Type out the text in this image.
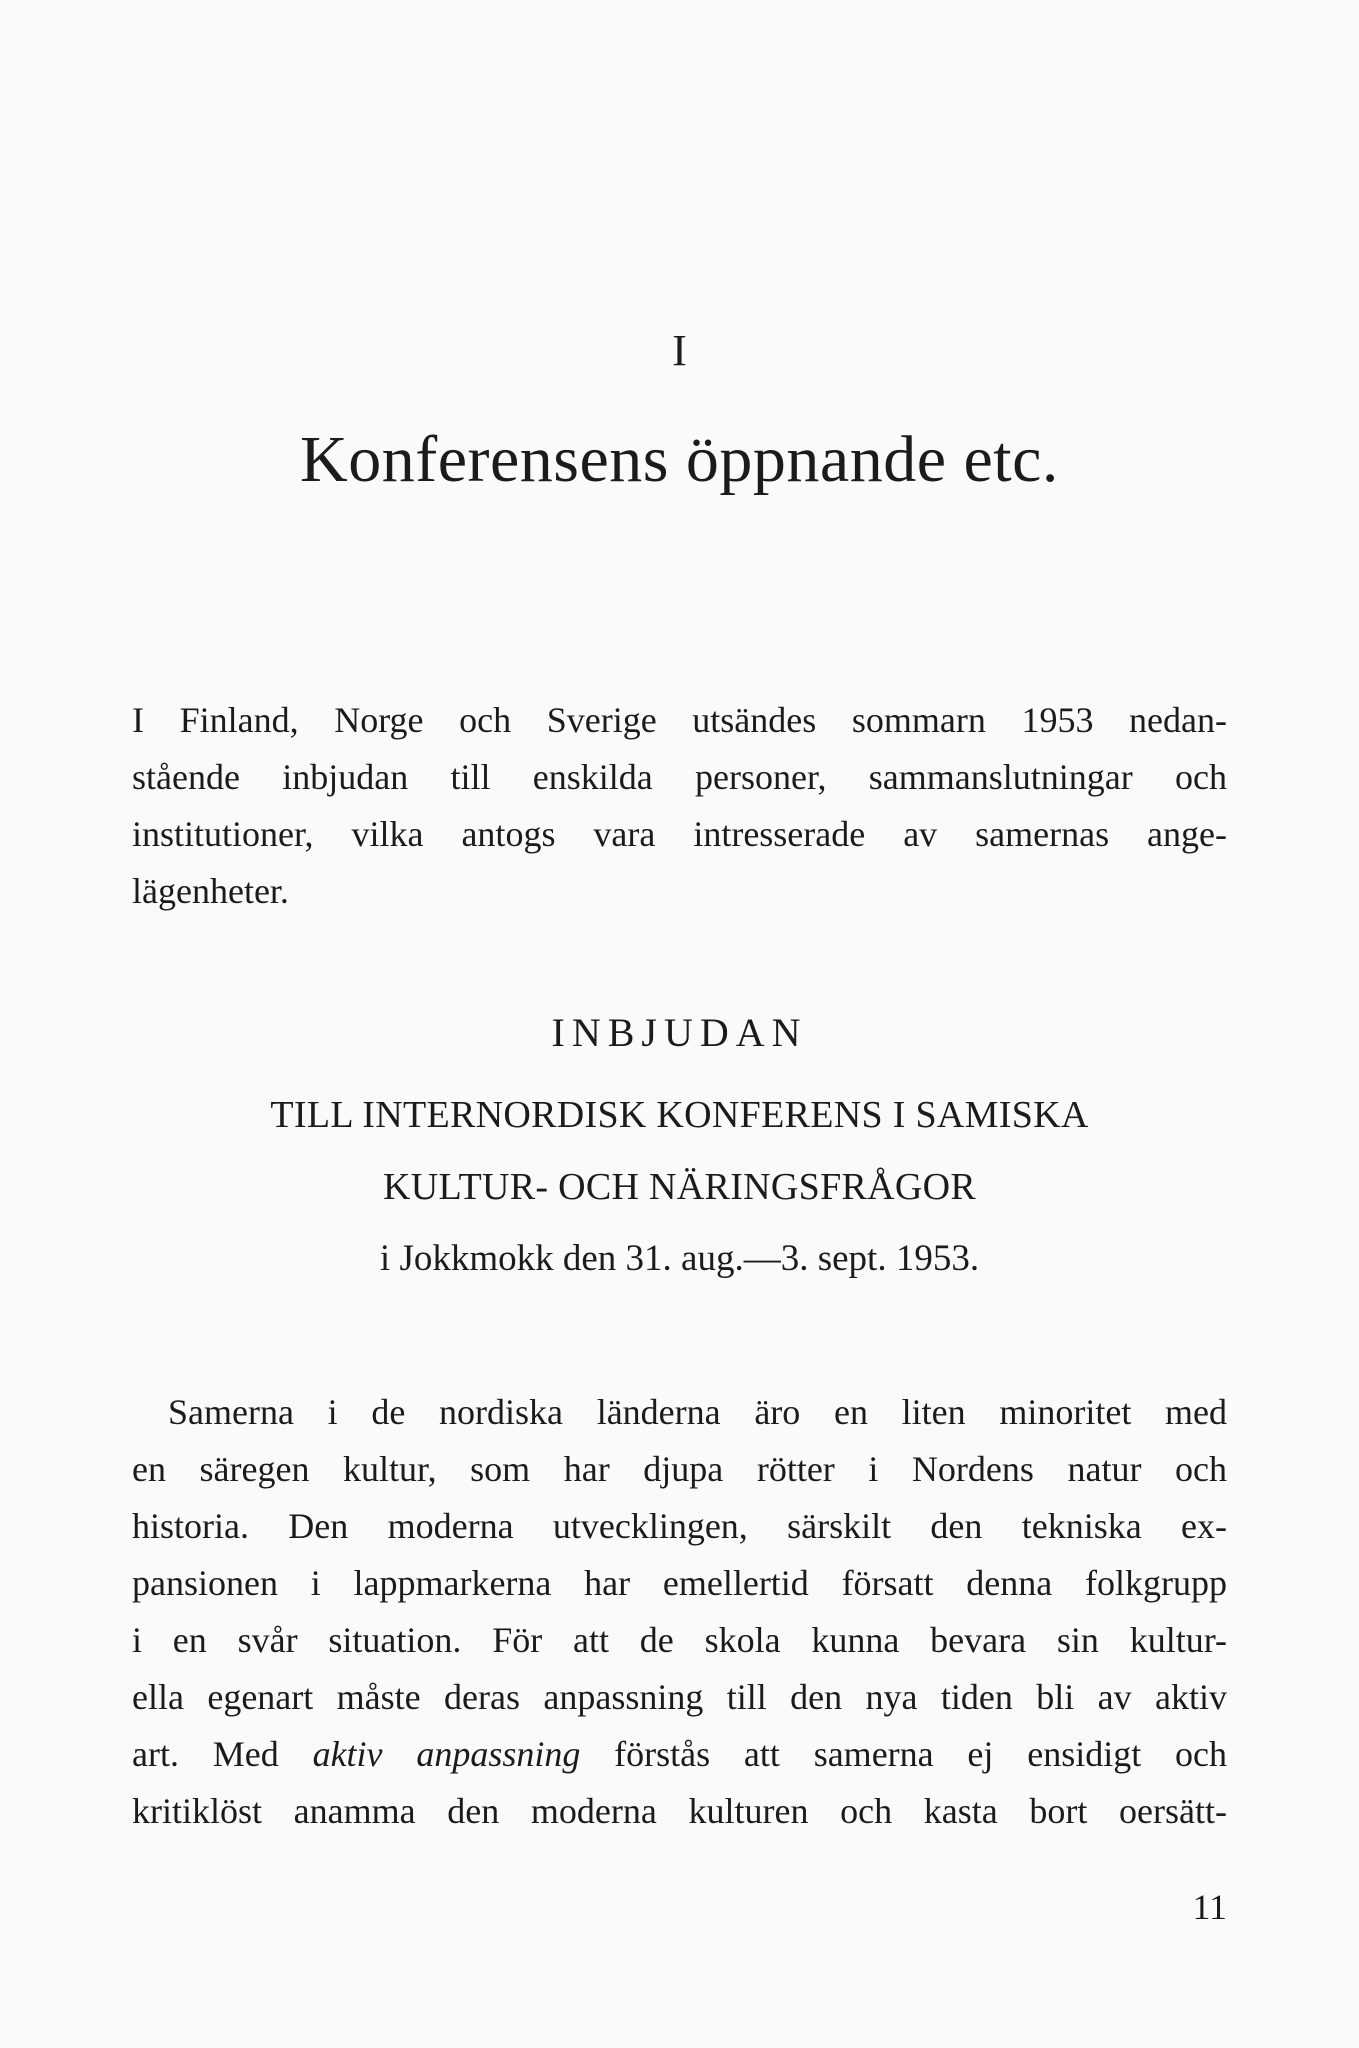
I
Konferensens öppnande etc.
I Finland, Norge och Sverige utsändes sommarn 1953 nedan-
stående inbjudan till enskilda personer, sammanslutningar och
institutioner, vilka antogs vara intresserade av samernas ange-
lägenheter.
INBJUDAN
TILL INTERNORDISK KONFERENS I SAMISKA
KULTUR- OCH NÄRINGSFRÅGOR
i Jokkmokk den 31. aug.—3. sept. 1953.
Samerna i de nordiska länderna äro en liten minoritet med
en säregen kultur, som har djupa rötter i Nordens natur och
historia. Den moderna utvecklingen, särskilt den tekniska ex-
pansionen i lappmarkerna har emellertid försatt denna folkgrupp
i en svår situation. För att de skola kunna bevara sin kultur-
ella egenart måste deras anpassning till den nya tiden bli av aktiv
art. Med aktiv anpassning förstås att samerna ej ensidigt och
kritiklöst anamma den moderna kulturen och kasta bort oersätt-
11
